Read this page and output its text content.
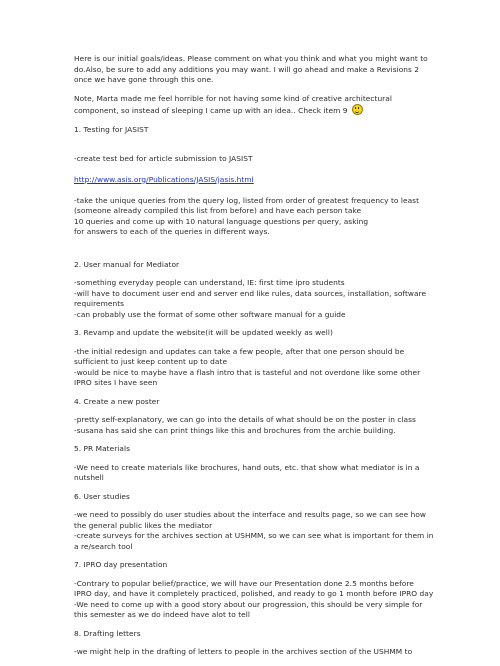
Here is our initial goals/ideas. Please comment on what you think and what you might want to do.Also, be sure to add any additions you may want. I will go ahead and make a Revisions 2 once we have gone through this one.

Note, Marta made me feel horrible for not having some kind of creative architectural component, so instead of sleeping I came up with an idea.. Check item 9

1. Testing for JASIST

-create test bed for article submission to JASIST

http://www.asis.org/Publications/JASIS/jasis.html

-take the unique queries from the query log, listed from order of greatest frequency to least (someone already compiled this list from before) and have each person take
10 queries and come up with 10 natural language questions per query, asking
for answers to each of the queries in different ways.

2. User manual for Mediator

-something everyday people can understand, IE: first time ipro students
-will have to document user end and server end like rules, data sources, installation, software requirements
-can probably use the format of some other software manual for a guide

3. Revamp and update the website(it will be updated weekly as well)

-the initial redesign and updates can take a few people, after that one person should be sufficient to just keep content up to date
-would be nice to maybe have a flash intro that is tasteful and not overdone like some other IPRO sites I have seen

4. Create a new poster

-pretty self-explanatory, we can go into the details of what should be on the poster in class
-susana has said she can print things like this and brochures from the archie building.

5. PR Materials

-We need to create materials like brochures, hand outs, etc. that show what mediator is in a nutshell

6. User studies

-we need to possibly do user studies about the interface and results page, so we can see how the general public likes the mediator
-create surveys for the archives section at USHMM, so we can see what is important for them in a re/search tool

7. IPRO day presentation

-Contrary to popular belief/practice, we will have our Presentation done 2.5 months before IPRO day, and have it completely practiced, polished, and ready to go 1 month before IPRO day
-We need to come up with a good story about our progression, this should be very simple for this semester as we do indeed have alot to tell

8. Drafting letters

-we might help in the drafting of letters to people in the archives section of the USHMM to
